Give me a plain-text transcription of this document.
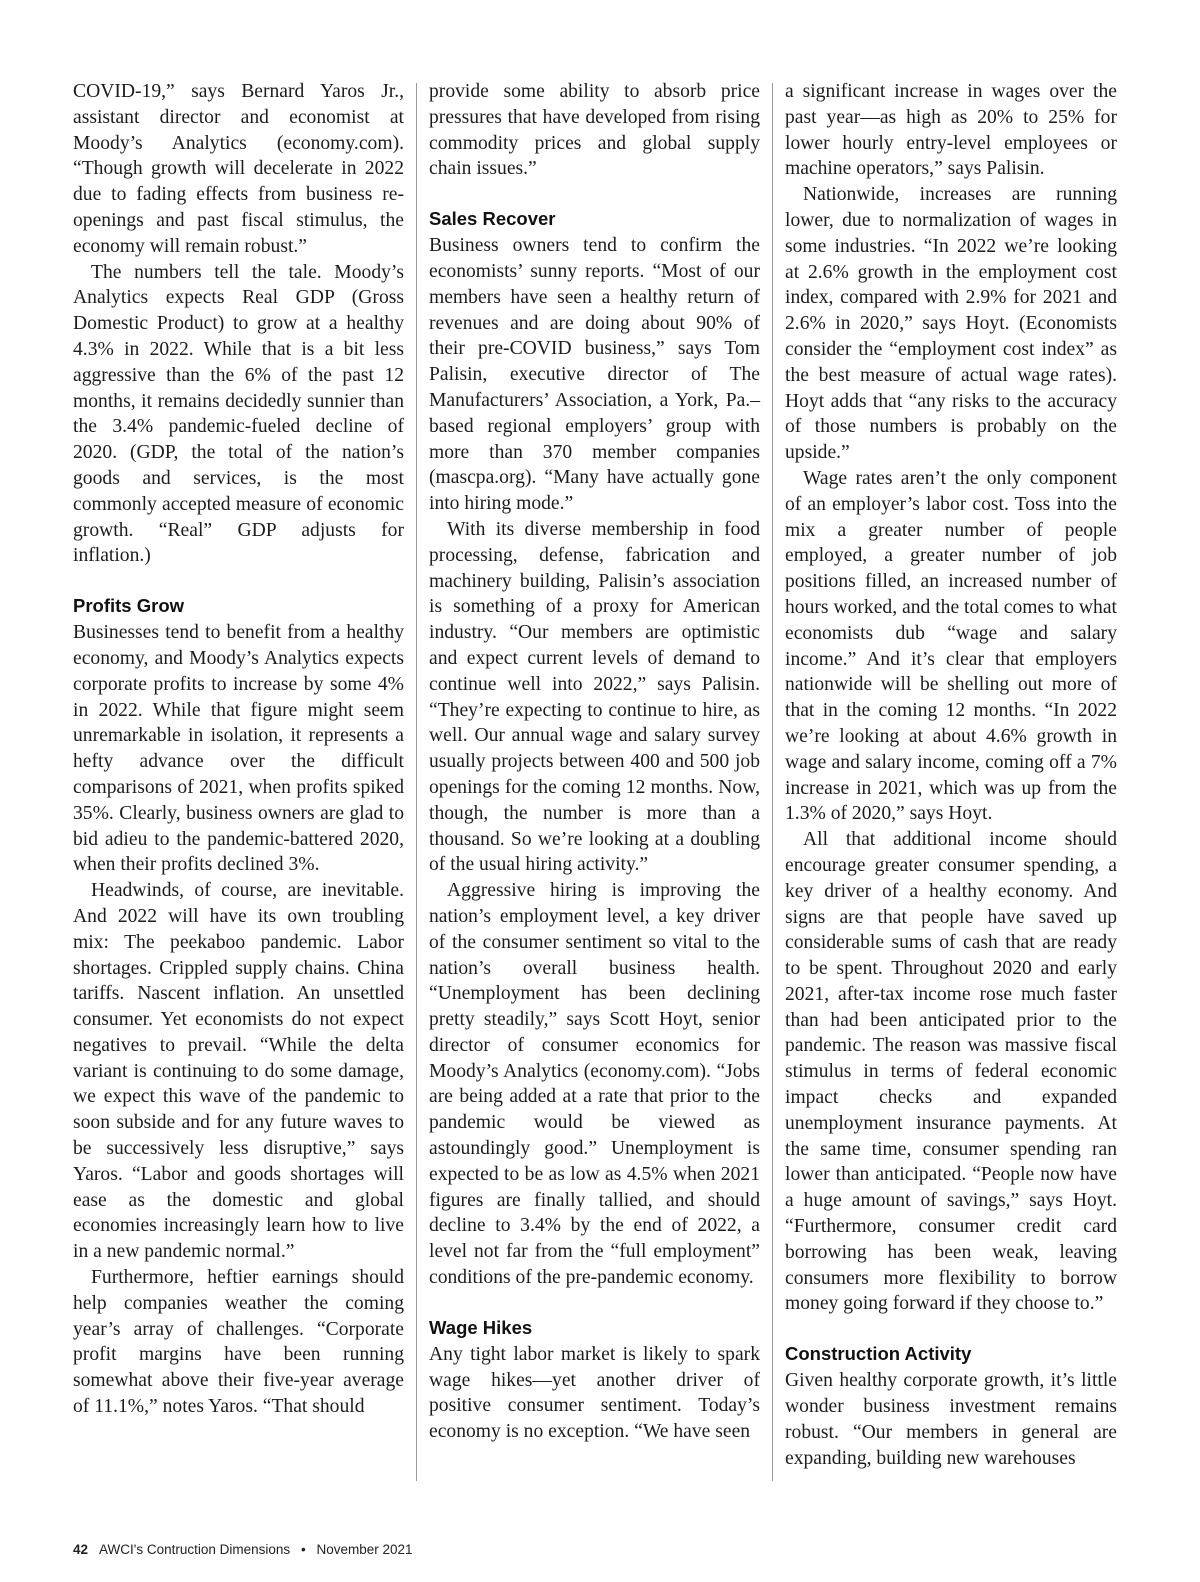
COVID-19,” says Bernard Yaros Jr., assistant director and economist at Moody’s Analytics (economy.com). “Though growth will decelerate in 2022 due to fading effects from business re-openings and past fiscal stimulus, the economy will remain robust.”

The numbers tell the tale. Moody’s Analytics expects Real GDP (Gross Domestic Product) to grow at a healthy 4.3% in 2022. While that is a bit less aggressive than the 6% of the past 12 months, it remains decidedly sunnier than the 3.4% pandemic-fueled decline of 2020. (GDP, the total of the nation’s goods and services, is the most commonly accepted measure of economic growth. “Real” GDP adjusts for inflation.)

Profits Grow

Businesses tend to benefit from a healthy economy, and Moody’s Analytics expects corporate profits to increase by some 4% in 2022. While that figure might seem unremarkable in isolation, it represents a hefty advance over the difficult comparisons of 2021, when profits spiked 35%. Clearly, business owners are glad to bid adieu to the pandemic-battered 2020, when their profits declined 3%.

Headwinds, of course, are inevitable. And 2022 will have its own troubling mix: The peekaboo pandemic. Labor shortages. Crippled supply chains. China tariffs. Nascent inflation. An unsettled consumer. Yet economists do not expect negatives to prevail. “While the delta variant is continuing to do some damage, we expect this wave of the pandemic to soon subside and for any future waves to be successively less disruptive,” says Yaros. “Labor and goods shortages will ease as the domestic and global economies increasingly learn how to live in a new pandemic normal.”

Furthermore, heftier earnings should help companies weather the coming year’s array of challenges. “Corporate profit margins have been running somewhat above their five-year average of 11.1%,” notes Yaros. “That should

provide some ability to absorb price pressures that have developed from rising commodity prices and global supply chain issues.”

Sales Recover

Business owners tend to confirm the economists’ sunny reports. “Most of our members have seen a healthy return of revenues and are doing about 90% of their pre-COVID business,” says Tom Palisin, executive director of The Manufacturers’ Association, a York, Pa.–based regional employers’ group with more than 370 member companies (mascpa.org). “Many have actually gone into hiring mode.”

With its diverse membership in food processing, defense, fabrication and machinery building, Palisin’s association is something of a proxy for American industry. “Our members are optimistic and expect current levels of demand to continue well into 2022,” says Palisin. “They’re expecting to continue to hire, as well. Our annual wage and salary survey usually projects between 400 and 500 job openings for the coming 12 months. Now, though, the number is more than a thousand. So we’re looking at a doubling of the usual hiring activity.”

Aggressive hiring is improving the nation’s employment level, a key driver of the consumer sentiment so vital to the nation’s overall business health. “Unemployment has been declining pretty steadily,” says Scott Hoyt, senior director of consumer economics for Moody’s Analytics (economy.com). “Jobs are being added at a rate that prior to the pandemic would be viewed as astoundingly good.” Unemployment is expected to be as low as 4.5% when 2021 figures are finally tallied, and should decline to 3.4% by the end of 2022, a level not far from the “full employment” conditions of the pre-pandemic economy.

Wage Hikes

Any tight labor market is likely to spark wage hikes—yet another driver of positive consumer sentiment. Today’s economy is no exception. “We have seen

a significant increase in wages over the past year—as high as 20% to 25% for lower hourly entry-level employees or machine operators,” says Palisin.

Nationwide, increases are running lower, due to normalization of wages in some industries. “In 2022 we’re looking at 2.6% growth in the employment cost index, compared with 2.9% for 2021 and 2.6% in 2020,” says Hoyt. (Economists consider the “employment cost index” as the best measure of actual wage rates). Hoyt adds that “any risks to the accuracy of those numbers is probably on the upside.”

Wage rates aren’t the only component of an employer’s labor cost. Toss into the mix a greater number of people employed, a greater number of job positions filled, an increased number of hours worked, and the total comes to what economists dub “wage and salary income.” And it’s clear that employers nationwide will be shelling out more of that in the coming 12 months. “In 2022 we’re looking at about 4.6% growth in wage and salary income, coming off a 7% increase in 2021, which was up from the 1.3% of 2020,” says Hoyt.

All that additional income should encourage greater consumer spending, a key driver of a healthy economy. And signs are that people have saved up considerable sums of cash that are ready to be spent. Throughout 2020 and early 2021, after-tax income rose much faster than had been anticipated prior to the pandemic. The reason was massive fiscal stimulus in terms of federal economic impact checks and expanded unemployment insurance payments. At the same time, consumer spending ran lower than anticipated. “People now have a huge amount of savings,” says Hoyt. “Furthermore, consumer credit card borrowing has been weak, leaving consumers more flexibility to borrow money going forward if they choose to.”

Construction Activity

Given healthy corporate growth, it’s little wonder business investment remains robust. “Our members in general are expanding, building new warehouses

42 AWCI's Contruction Dimensions • November 2021
